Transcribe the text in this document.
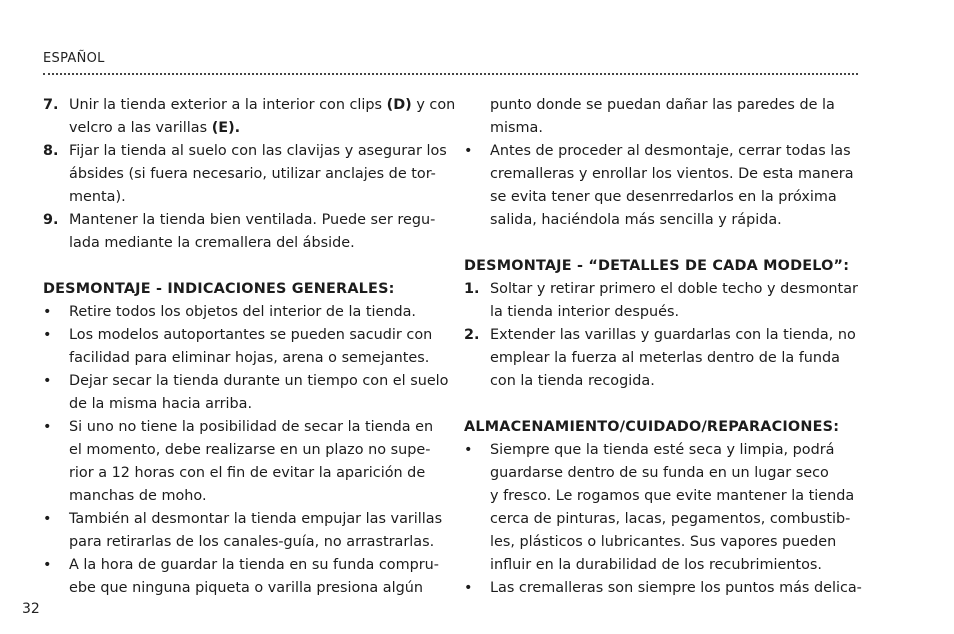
ESPAÑOL
7. Unir la tienda exterior a la interior con clips (D) y con
velcro a las varillas (E).
8. Fijar la tienda al suelo con las clavijas y asegurar los
ábsides (si fuera necesario, utilizar anclajes de tor-
menta).
9. Mantener la tienda bien ventilada. Puede ser regu-
lada mediante la cremallera del ábside.
DESMONTAJE - INDICACIONES GENERALES:
• Retire todos los objetos del interior de la tienda.
• Los modelos autoportantes se pueden sacudir con
facilidad para eliminar hojas, arena o semejantes.
• Dejar secar la tienda durante un tiempo con el suelo
de la misma hacia arriba.
• Si uno no tiene la posibilidad de secar la tienda en
el momento, debe realizarse en un plazo no supe-
rior a 12 horas con el fin de evitar la aparición de
manchas de moho.
• También al desmontar la tienda empujar las varillas
para retirarlas de los canales-guía, no arrastrarlas.
• A la hora de guardar la tienda en su funda compru-
ebe que ninguna piqueta o varilla presiona algún
punto donde se puedan dañar las paredes de la
misma.
• Antes de proceder al desmontaje, cerrar todas las
cremalleras y enrollar los vientos. De esta manera
se evita tener que desenrredarlos en la próxima
salida, haciéndola más sencilla y rápida.
DESMONTAJE - “DETALLES DE CADA MODELO”:
1. Soltar y retirar primero el doble techo y desmontar
la tienda interior después.
2. Extender las varillas y guardarlas con la tienda, no
emplear la fuerza al meterlas dentro de la funda
con la tienda recogida.
ALMACENAMIENTO/CUIDADO/REPARACIONES:
• Siempre que la tienda esté seca y limpia, podrá
guardarse dentro de su funda en un lugar seco
y fresco. Le rogamos que evite mantener la tienda
cerca de pinturas, lacas, pegamentos, combustib-
les, plásticos o lubricantes. Sus vapores pueden
influir en la durabilidad de los recubrimientos.
• Las cremalleras son siempre los puntos más delica-
32
